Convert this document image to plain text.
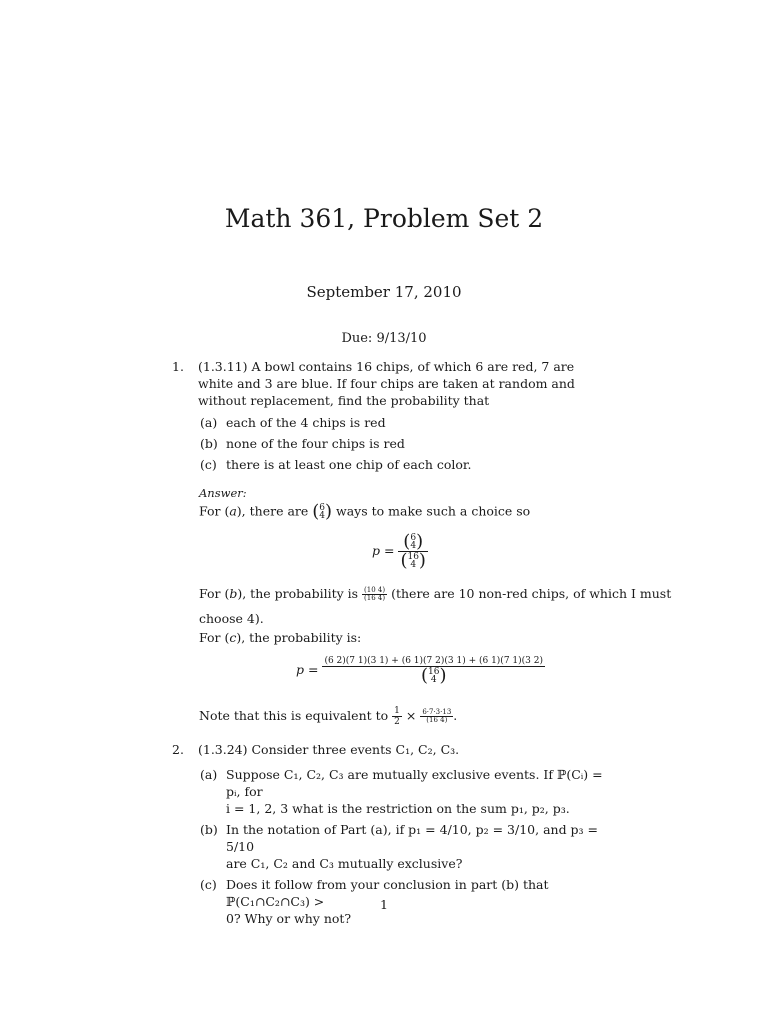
Math 361, Problem Set 2
September 17, 2010
Due: 9/13/10
1. (1.3.11) A bowl contains 16 chips, of which 6 are red, 7 are white and 3 are blue. If four chips are taken at random and without replacement, find the probability that
(a) each of the 4 chips is red
(b) none of the four chips is red
(c) there is at least one chip of each color.
Answer:
For (a), there are (6
4) ways to make such a choice so
p = (6
4)
(16
4 )
For (b), the probability is $\frac{(10 4)}{(16 4)}$ (there are 10 non-red chips, of which I must
choose 4).
For (c), the probability is:
p =
(6 2)(7 1)(3 1) + (6 1)(7 2)(3 1) + (6 1)(7 1)(3 2)
(16
4 )
Note that this is equivalent to $\frac{1}{2} \times \frac{6\cdot 7\cdot 3\cdot 13}{(16 4)}$ .
2. (1.3.24) Consider three events C₁, C₂, C₃.
(a) Suppose C₁, C₂, C₃ are mutually exclusive events. If ℙ(Cᵢ) = pᵢ, for
i = 1, 2, 3 what is the restriction on the sum p₁, p₂, p₃.
(b) In the notation of Part (a), if p₁ = 4/10, p₂ = 3/10, and p₃ = 5/10
are C₁, C₂ and C₃ mutually exclusive?
(c) Does it follow from your conclusion in part (b) that ℙ(C₁∩C₂∩C₃) >
0? Why or why not?
1
